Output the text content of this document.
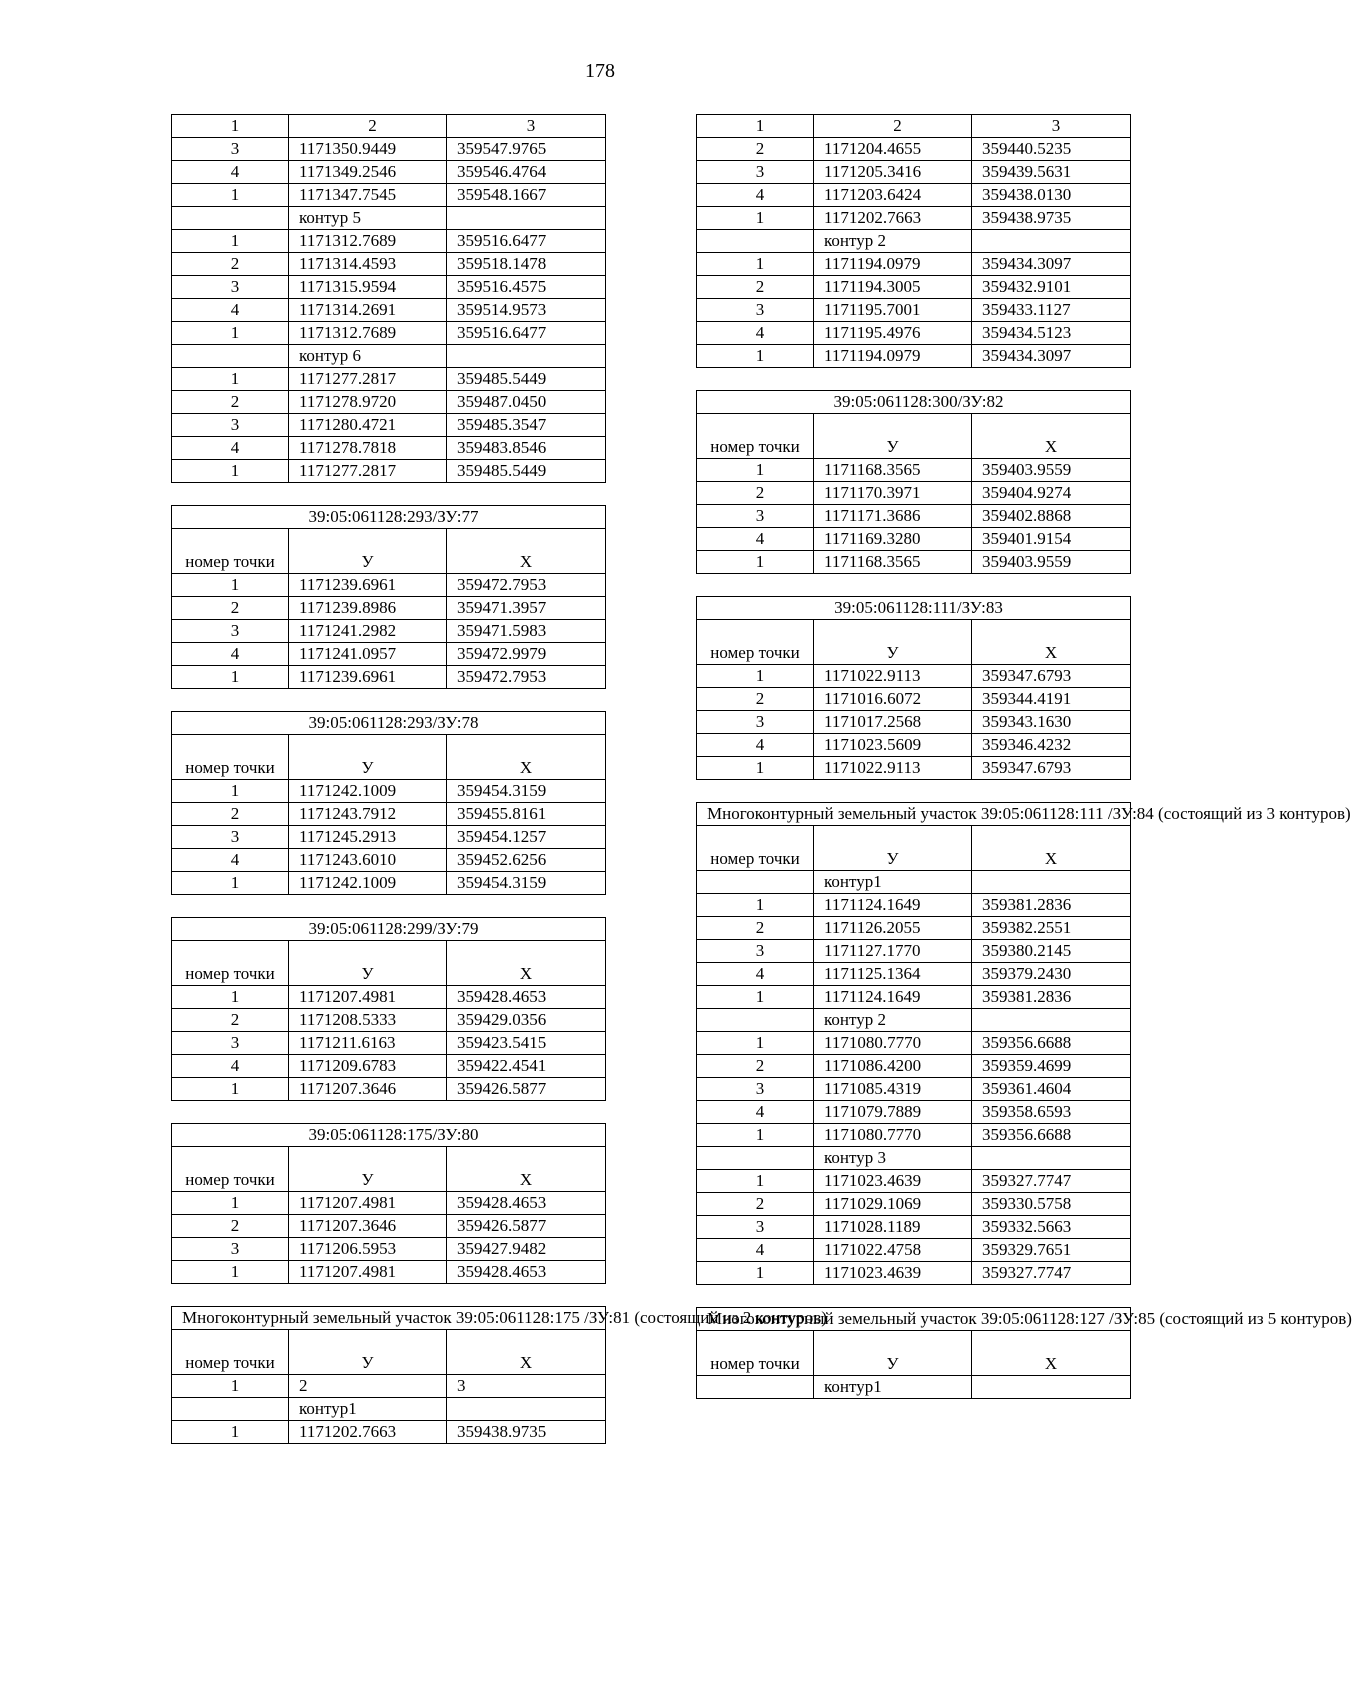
178
1	2	3
3	1171350.9449	359547.9765
4	1171349.2546	359546.4764
1	1171347.7545	359548.1667
	контур 5	
1	1171312.7689	359516.6477
2	1171314.4593	359518.1478
3	1171315.9594	359516.4575
4	1171314.2691	359514.9573
1	1171312.7689	359516.6477
	контур 6	
1	1171277.2817	359485.5449
2	1171278.9720	359487.0450
3	1171280.4721	359485.3547
4	1171278.7818	359483.8546
1	1171277.2817	359485.5449
39:05:061128:293/ЗУ:77		
номер точки	У	Х
1	1171239.6961	359472.7953
2	1171239.8986	359471.3957
3	1171241.2982	359471.5983
4	1171241.0957	359472.9979
1	1171239.6961	359472.7953
39:05:061128:293/ЗУ:78		
номер точки	У	Х
1	1171242.1009	359454.3159
2	1171243.7912	359455.8161
3	1171245.2913	359454.1257
4	1171243.6010	359452.6256
1	1171242.1009	359454.3159
39:05:061128:299/ЗУ:79		
номер точки	У	Х
1	1171207.4981	359428.4653
2	1171208.5333	359429.0356
3	1171211.6163	359423.5415
4	1171209.6783	359422.4541
1	1171207.3646	359426.5877
39:05:061128:175/ЗУ:80		
номер точки	У	Х
1	1171207.4981	359428.4653
2	1171207.3646	359426.5877
3	1171206.5953	359427.9482
1	1171207.4981	359428.4653
Многоконтурный земельный участок 39:05:061128:175 /ЗУ:81 (состоящий из 2 контуров)		
номер точки	У	Х
1	2	3
	контур1	
1	1171202.7663	359438.9735
1	2	3
2	1171204.4655	359440.5235
3	1171205.3416	359439.5631
4	1171203.6424	359438.0130
1	1171202.7663	359438.9735
	контур 2	
1	1171194.0979	359434.3097
2	1171194.3005	359432.9101
3	1171195.7001	359433.1127
4	1171195.4976	359434.5123
1	1171194.0979	359434.3097
39:05:061128:300/ЗУ:82		
номер точки	У	Х
1	1171168.3565	359403.9559
2	1171170.3971	359404.9274
3	1171171.3686	359402.8868
4	1171169.3280	359401.9154
1	1171168.3565	359403.9559
39:05:061128:111/ЗУ:83		
номер точки	У	Х
1	1171022.9113	359347.6793
2	1171016.6072	359344.4191
3	1171017.2568	359343.1630
4	1171023.5609	359346.4232
1	1171022.9113	359347.6793
Многоконтурный земельный участок 39:05:061128:111 /ЗУ:84 (состоящий из 3 контуров)		
номер точки	У	Х
	контур1	
1	1171124.1649	359381.2836
2	1171126.2055	359382.2551
3	1171127.1770	359380.2145
4	1171125.1364	359379.2430
1	1171124.1649	359381.2836
	контур 2	
1	1171080.7770	359356.6688
2	1171086.4200	359359.4699
3	1171085.4319	359361.4604
4	1171079.7889	359358.6593
1	1171080.7770	359356.6688
	контур 3	
1	1171023.4639	359327.7747
2	1171029.1069	359330.5758
3	1171028.1189	359332.5663
4	1171022.4758	359329.7651
1	1171023.4639	359327.7747
Многоконтурный земельный участок 39:05:061128:127 /ЗУ:85 (состоящий из 5 контуров)		
номер точки	У	Х
	контур1	
